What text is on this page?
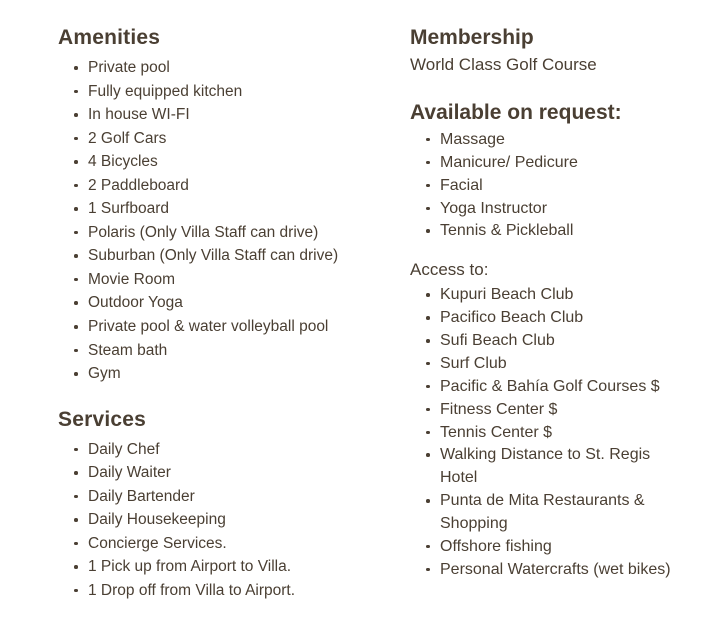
Amenities
Private pool
Fully equipped kitchen
In house WI-FI
2 Golf Cars
4 Bicycles
2 Paddleboard
1 Surfboard
Polaris (Only Villa Staff can drive)
Suburban (Only Villa Staff can drive)
Movie Room
Outdoor Yoga
Private pool & water volleyball pool
Steam bath
Gym
Services
Daily Chef
Daily Waiter
Daily Bartender
Daily Housekeeping
Concierge Services.
1 Pick up from Airport to Villa.
1 Drop off from Villa to Airport.
Membership

World Class Golf Course

Available on request:
Massage
Manicure/ Pedicure
Facial
Yoga Instructor
Tennis & Pickleball

Access to:

Kupuri Beach Club
Pacifico Beach Club
Sufi Beach Club
Surf Club
Pacific & Bahía Golf Courses $
Fitness Center $
Tennis Center $
Walking Distance to St. Regis Hotel
Punta de Mita Restaurants & Shopping
Offshore fishing
Personal Watercrafts (wet bikes)
